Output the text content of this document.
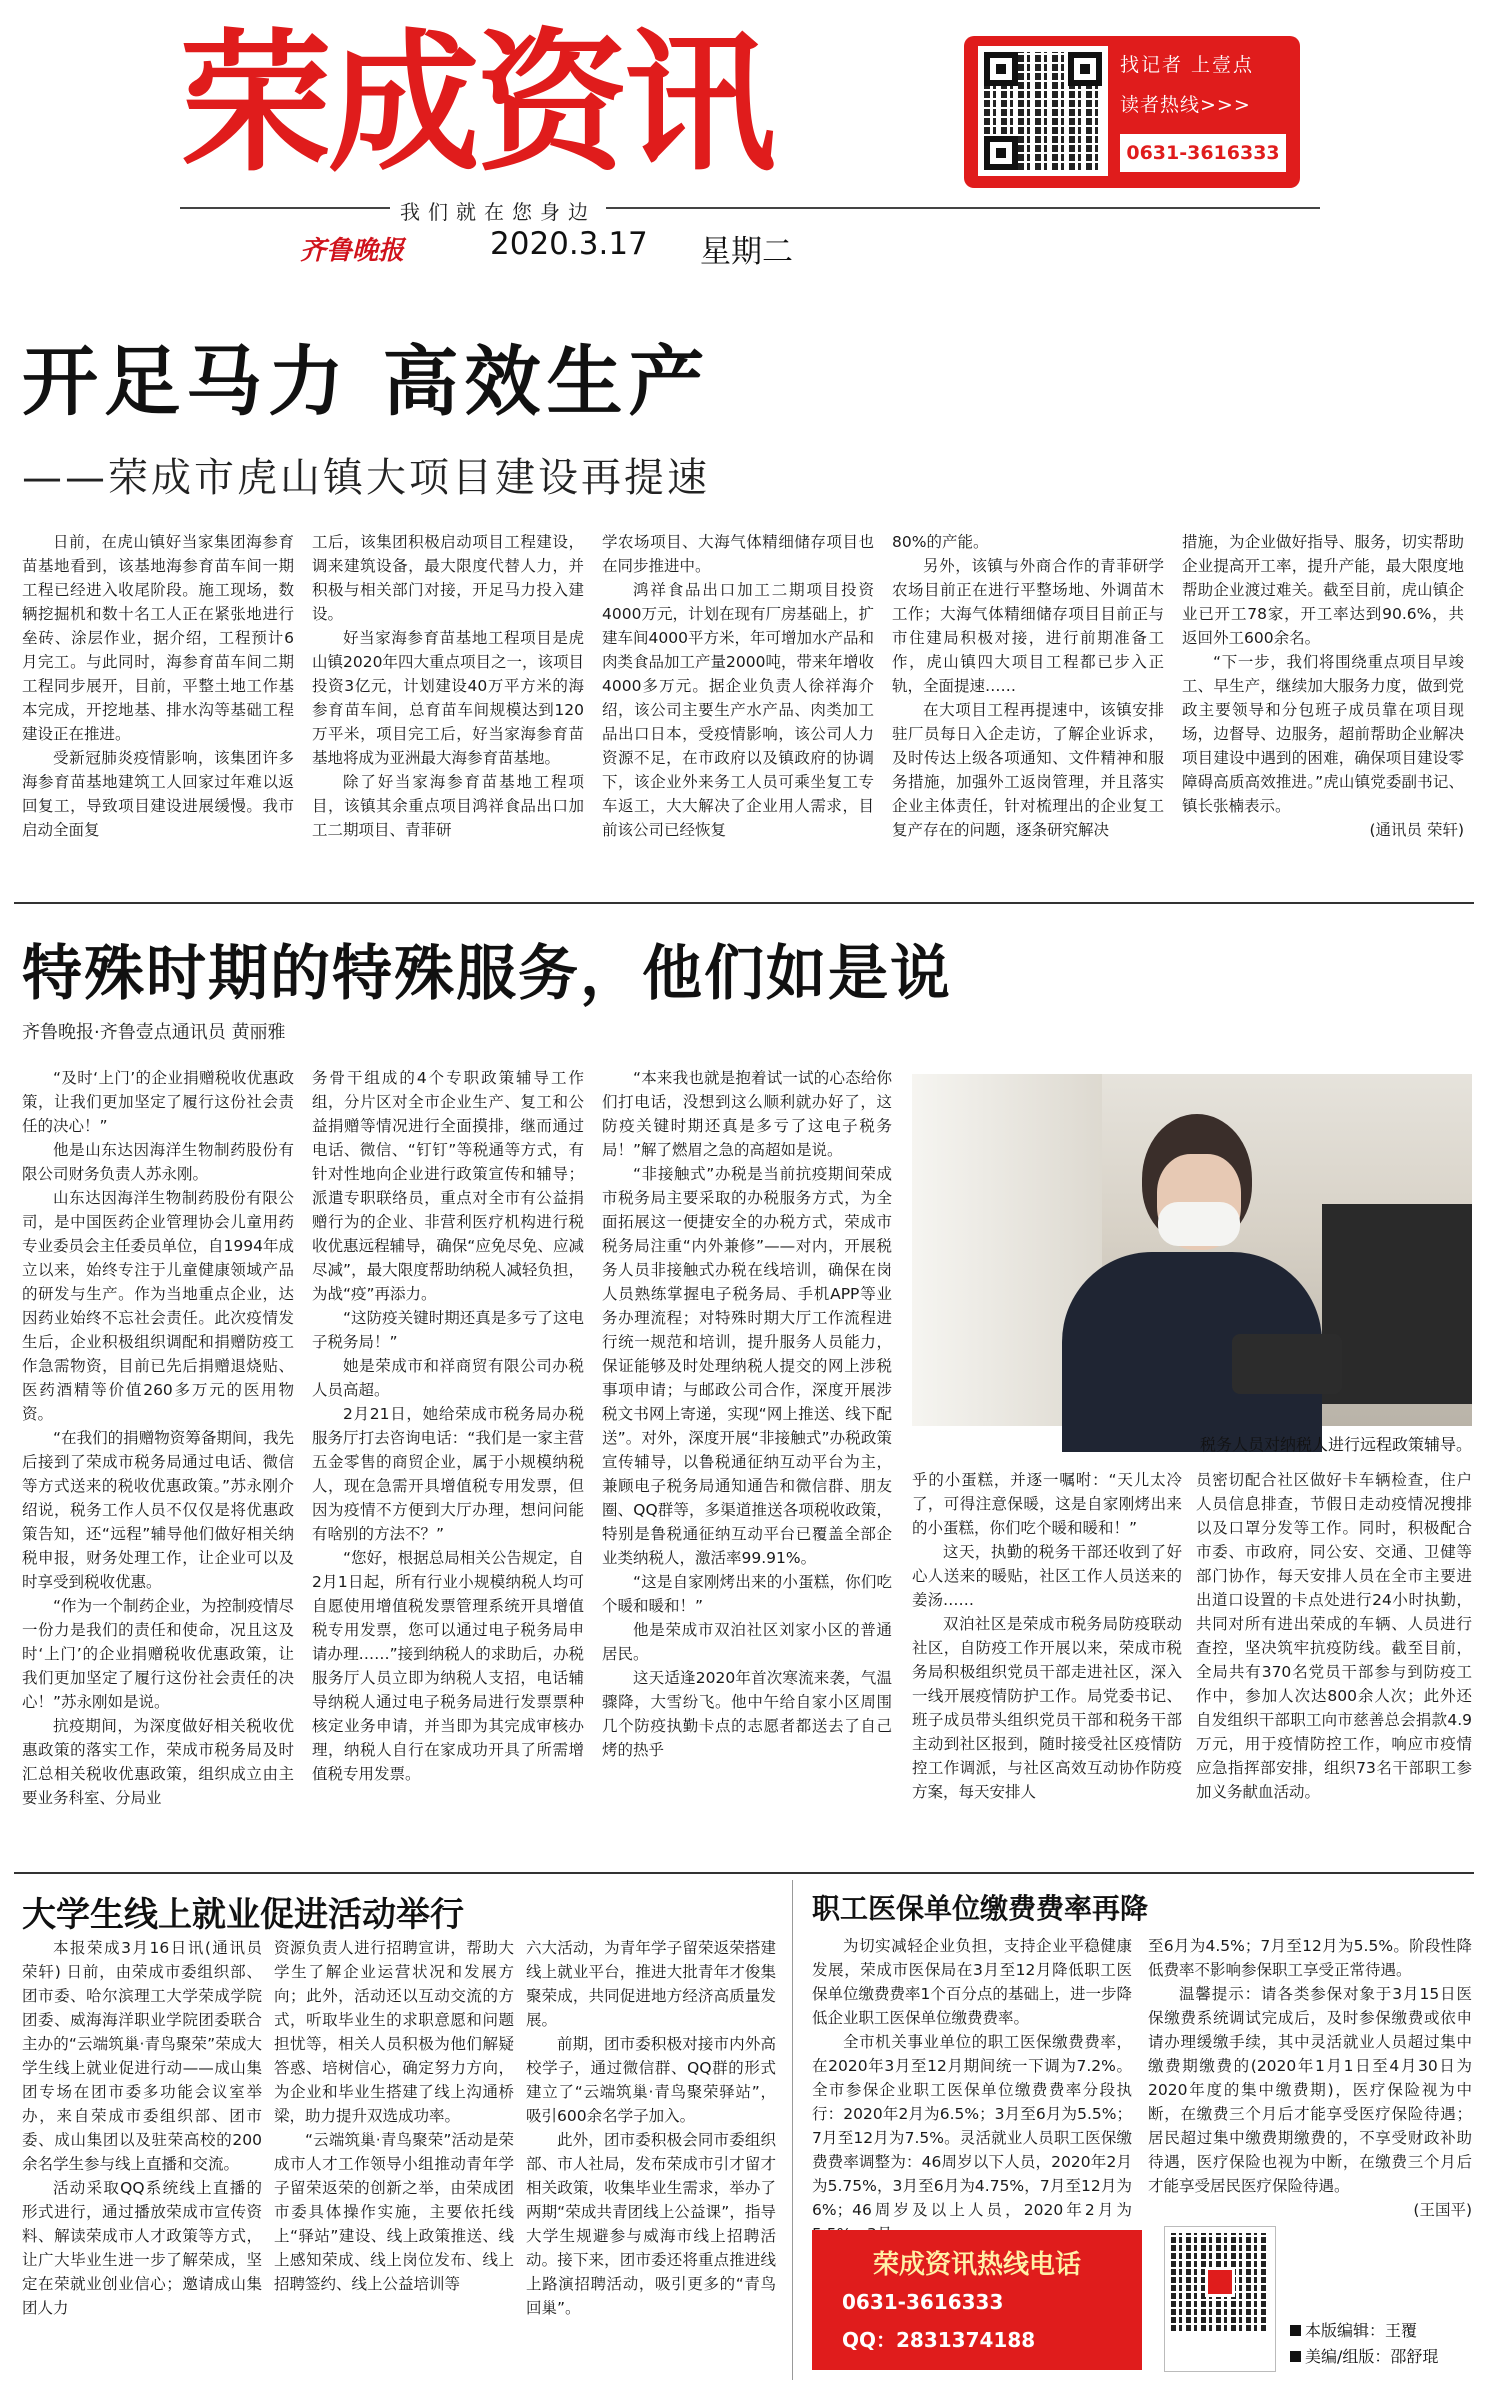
荣成资讯
我们就在您身边
齐鲁晚报	2020.3.17 星期二
找记者 上壹点
读者热线>>>
0631-3616333
开足马力 高效生产
——荣成市虎山镇大项目建设再提速

日前，在虎山镇好当家集团海参育苗基地看到，该基地海参育苗车间一期工程已经进入收尾阶段。施工现场，数辆挖掘机和数十名工人正在紧张地进行垒砖、涂层作业，据介绍，工程预计6月完工。与此同时，海参育苗车间二期工程同步展开，目前，平整土地工作基本完成，开挖地基、排水沟等基础工程建设正在推进。

受新冠肺炎疫情影响，该集团许多海参育苗基地建筑工人回家过年难以返回复工，导致项目建设进展缓慢。我市启动全面复

工后，该集团积极启动项目工程建设，调来建筑设备，最大限度代替人力，并积极与相关部门对接，开足马力投入建设。

好当家海参育苗基地工程项目是虎山镇2020年四大重点项目之一，该项目投资3亿元，计划建设40万平方米的海参育苗车间，总育苗车间规模达到120万平米，项目完工后，好当家海参育苗基地将成为亚洲最大海参育苗基地。

除了好当家海参育苗基地工程项目，该镇其余重点项目鸿祥食品出口加工二期项目、青菲研

学农场项目、大海气体精细储存项目也在同步推进中。

鸿祥食品出口加工二期项目投资4000万元，计划在现有厂房基础上，扩建车间4000平方米，年可增加水产品和肉类食品加工产量2000吨，带来年增收4000多万元。据企业负责人徐祥海介绍，该公司主要生产水产品、肉类加工品出口日本，受疫情影响，该公司人力资源不足，在市政府以及镇政府的协调下，该企业外来务工人员可乘坐复工专车返工，大大解决了企业用人需求，目前该公司已经恢复

80%的产能。

另外，该镇与外商合作的青菲研学农场目前正在进行平整场地、外调苗木工作；大海气体精细储存项目目前正与市住建局积极对接，进行前期准备工作，虎山镇四大项目工程都已步入正轨，全面提速……

在大项目工程再提速中，该镇安排驻厂员每日入企走访，了解企业诉求，及时传达上级各项通知、文件精神和服务措施，加强外工返岗管理，并且落实企业主体责任，针对梳理出的企业复工复产存在的问题，逐条研究解决

措施，为企业做好指导、服务，切实帮助企业提高开工率，提升产能，最大限度地帮助企业渡过难关。截至目前，虎山镇企业已开工78家，开工率达到90.6%，共返回外工600余名。

“下一步，我们将围绕重点项目早竣工、早生产，继续加大服务力度，做到党政主要领导和分包班子成员靠在项目现场，边督导、边服务，超前帮助企业解决项目建设中遇到的困难，确保项目建设零障碍高质高效推进。”虎山镇党委副书记、镇长张楠表示。

(通讯员 荣轩)

特殊时期的特殊服务，他们如是说
齐鲁晚报·齐鲁壹点通讯员 黄丽雅

“及时‘上门’的企业捐赠税收优惠政策，让我们更加坚定了履行这份社会责任的决心！”

他是山东达因海洋生物制药股份有限公司财务负责人苏永刚。

山东达因海洋生物制药股份有限公司，是中国医药企业管理协会儿童用药专业委员会主任委员单位，自1994年成立以来，始终专注于儿童健康领域产品的研发与生产。作为当地重点企业，达因药业始终不忘社会责任。此次疫情发生后，企业积极组织调配和捐赠防疫工作急需物资，目前已先后捐赠退烧贴、医药酒精等价值260多万元的医用物资。

“在我们的捐赠物资筹备期间，我先后接到了荣成市税务局通过电话、微信等方式送来的税收优惠政策。”苏永刚介绍说，税务工作人员不仅仅是将优惠政策告知，还“远程”辅导他们做好相关纳税申报，财务处理工作，让企业可以及时享受到税收优惠。

“作为一个制药企业，为控制疫情尽一份力是我们的责任和使命，况且这及时‘上门’的企业捐赠税收优惠政策，让我们更加坚定了履行这份社会责任的决心！”苏永刚如是说。

抗疫期间，为深度做好相关税收优惠政策的落实工作，荣成市税务局及时汇总相关税收优惠政策，组织成立由主要业务科室、分局业

务骨干组成的4个专职政策辅导工作组，分片区对全市企业生产、复工和公益捐赠等情况进行全面摸排，继而通过电话、微信、“钉钉”等税通等方式，有针对性地向企业进行政策宣传和辅导；派遣专职联络员，重点对全市有公益捐赠行为的企业、非营利医疗机构进行税收优惠远程辅导，确保“应免尽免、应减尽减”，最大限度帮助纳税人减轻负担，为战“疫”再添力。

“这防疫关键时期还真是多亏了这电子税务局！”

她是荣成市和祥商贸有限公司办税人员高超。

2月21日，她给荣成市税务局办税服务厅打去咨询电话：“我们是一家主营五金零售的商贸企业，属于小规模纳税人，现在急需开具增值税专用发票，但因为疫情不方便到大厅办理，想问问能有啥别的方法不？”

“您好，根据总局相关公告规定，自2月1日起，所有行业小规模纳税人均可自愿使用增值税发票管理系统开具增值税专用发票，您可以通过电子税务局申请办理……”接到纳税人的求助后，办税服务厅人员立即为纳税人支招，电话辅导纳税人通过电子税务局进行发票票种核定业务申请，并当即为其完成审核办理，纳税人自行在家成功开具了所需增值税专用发票。

“本来我也就是抱着试一试的心态给你们打电话，没想到这么顺利就办好了，这防疫关键时期还真是多亏了这电子税务局！”解了燃眉之急的高超如是说。

“非接触式”办税是当前抗疫期间荣成市税务局主要采取的办税服务方式，为全面拓展这一便捷安全的办税方式，荣成市税务局注重“内外兼修”——对内，开展税务人员非接触式办税在线培训，确保在岗人员熟练掌握电子税务局、手机APP等业务办理流程；对特殊时期大厅工作流程进行统一规范和培训，提升服务人员能力，保证能够及时处理纳税人提交的网上涉税事项申请；与邮政公司合作，深度开展涉税文书网上寄递，实现“网上推送、线下配送”。对外，深度开展“非接触式”办税政策宣传辅导，以鲁税通征纳互动平台为主，兼顾电子税务局通知通告和微信群、朋友圈、QQ群等，多渠道推送各项税收政策，特别是鲁税通征纳互动平台已覆盖全部企业类纳税人，激活率99.91%。

“这是自家刚烤出来的小蛋糕，你们吃个暖和暖和！”

他是荣成市双泊社区刘家小区的普通居民。

这天适逢2020年首次寒流来袭，气温骤降，大雪纷飞。他中午给自家小区周围几个防疫执勤卡点的志愿者都送去了自己烤的热乎

税务人员对纳税人进行远程政策辅导。

乎的小蛋糕，并逐一嘱咐：“天儿太冷了，可得注意保暖，这是自家刚烤出来的小蛋糕，你们吃个暖和暖和！”

这天，执勤的税务干部还收到了好心人送来的暖贴，社区工作人员送来的姜汤……

双泊社区是荣成市税务局防疫联动社区，自防疫工作开展以来，荣成市税务局积极组织党员干部走进社区，深入一线开展疫情防护工作。局党委书记、班子成员带头组织党员干部和税务干部主动到社区报到，随时接受社区疫情防控工作调派，与社区高效互动协作防疫方案，每天安排人

员密切配合社区做好卡车辆检查，住户人员信息排查，节假日走动疫情况搜排以及口罩分发等工作。同时，积极配合市委、市政府，同公安、交通、卫健等部门协作，每天安排人员在全市主要进出道口设置的卡点处进行24小时执勤，共同对所有进出荣成的车辆、人员进行查控，坚决筑牢抗疫防线。截至目前，全局共有370名党员干部参与到防疫工作中，参加人次达800余人次；此外还自发组织干部职工向市慈善总会捐款4.9万元，用于疫情防控工作，响应市疫情应急指挥部安排，组织73名干部职工参加义务献血活动。

大学生线上就业促进活动举行

本报荣成3月16日讯(通讯员 荣轩) 日前，由荣成市委组织部、团市委、哈尔滨理工大学荣成学院团委、威海海洋职业学院团委联合主办的“云端筑巢·青鸟聚荣”荣成大学生线上就业促进行动——成山集团专场在团市委多功能会议室举办，来自荣成市委组织部、团市委、成山集团以及驻荣高校的200余名学生参与线上直播和交流。

活动采取QQ系统线上直播的形式进行，通过播放荣成市宣传资料、解读荣成市人才政策等方式，让广大毕业生进一步了解荣成，坚定在荣就业创业信心；邀请成山集团人力

资源负责人进行招聘宣讲，帮助大学生了解企业运营状况和发展方向；此外，活动还以互动交流的方式，听取毕业生的求职意愿和问题担忧等，相关人员积极为他们解疑答惑、培树信心，确定努力方向，为企业和毕业生搭建了线上沟通桥梁，助力提升双选成功率。

“云端筑巢·青鸟聚荣”活动是荣成市人才工作领导小组推动青年学子留荣返荣的创新之举，由荣成团市委具体操作实施，主要依托线上“驿站”建设、线上政策推送、线上感知荣成、线上岗位发布、线上招聘签约、线上公益培训等

六大活动，为青年学子留荣返荣搭建线上就业平台，推进大批青年才俊集聚荣成，共同促进地方经济高质量发展。

前期，团市委积极对接市内外高校学子，通过微信群、QQ群的形式建立了“云端筑巢·青鸟聚荣驿站”，吸引600余名学子加入。

此外，团市委积极会同市委组织部、市人社局，发布荣成市引才留才相关政策，收集毕业生需求，举办了两期“荣成共青团线上公益课”，指导大学生规避参与威海市线上招聘活动。接下来，团市委还将重点推进线上路演招聘活动，吸引更多的“青鸟回巢”。

职工医保单位缴费费率再降

为切实减轻企业负担，支持企业平稳健康发展，荣成市医保局在3月至12月降低职工医保单位缴费费率1个百分点的基础上，进一步降低企业职工医保单位缴费费率。

全市机关事业单位的职工医保缴费费率，在2020年3月至12月期间统一下调为7.2%。全市参保企业职工医保单位缴费费率分段执行：2020年2月为6.5%；3月至6月为5.5%；7月至12月为7.5%。灵活就业人员职工医保缴费费率调整为：46周岁以下人员，2020年2月为5.75%，3月至6月为4.75%，7月至12月为6%；46周岁及以上人员，2020年2月为

至6月为4.5%；7月至12月为5.5%。阶段性降低费率不影响参保职工享受正常待遇。

温馨提示：请各类参保对象于3月15日医保缴费系统调试完成后，及时参保缴费或依申请办理缓缴手续，其中灵活就业人员超过集中缴费期缴费的(2020年1月1日至4月30日为2020年度的集中缴费期)，医疗保险视为中断，在缴费三个月后才能享受医疗保险待遇；居民超过集中缴费期缴费的，不享受财政补助待遇，医疗保险也视为中断，在缴费三个月后才能享受居民医疗保险待遇。

(王国平)

荣成资讯热线电话
0631-3616333
QQ：2831374188	本版编辑：王覆
美编/组版：邵舒琨
